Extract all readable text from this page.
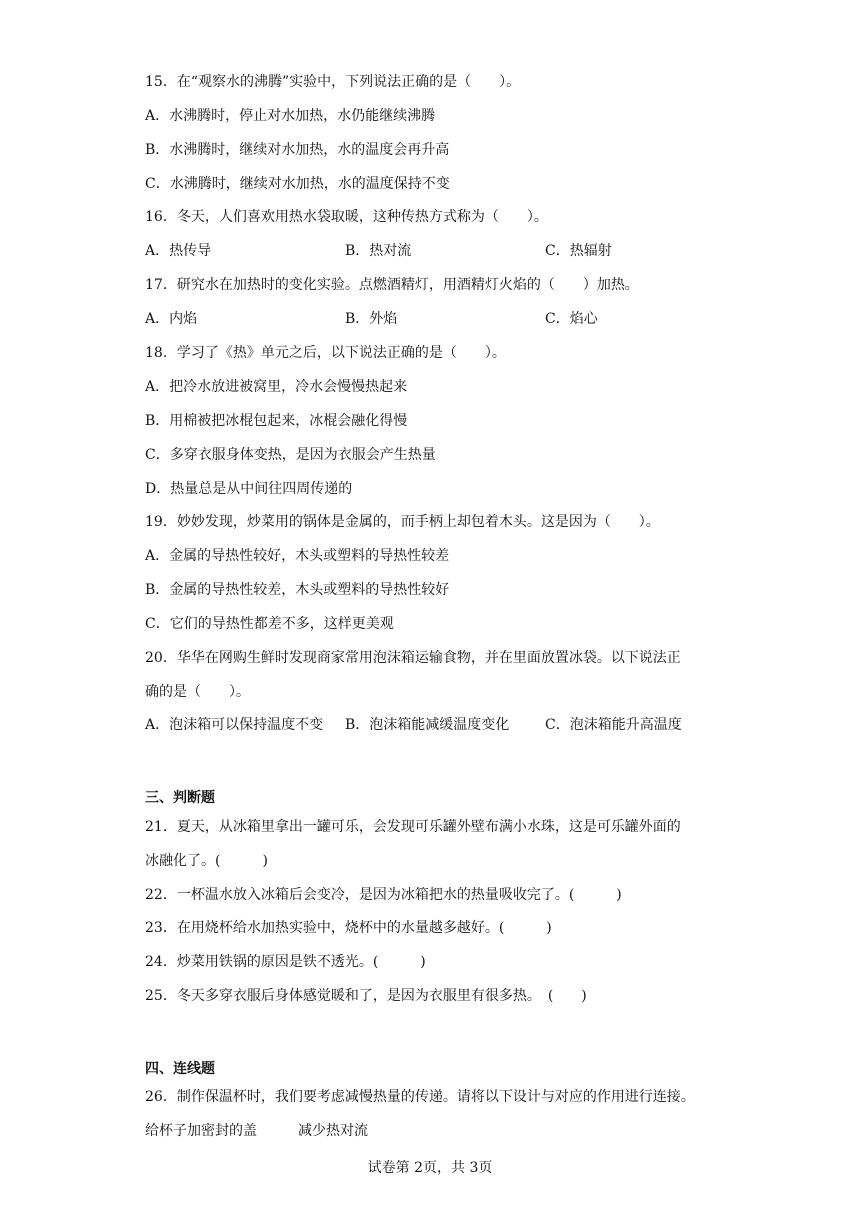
15．在“观察水的沸腾”实验中，下列说法正确的是（　　）。
A．水沸腾时，停止对水加热，水仍能继续沸腾
B．水沸腾时，继续对水加热，水的温度会再升高
C．水沸腾时，继续对水加热，水的温度保持不变
16．冬天，人们喜欢用热水袋取暖，这种传热方式称为（　　）。
A．热传导	B．热对流	C．热辐射
17．研究水在加热时的变化实验。点燃酒精灯，用酒精灯火焰的（　　）加热。
A．内焰	B．外焰	C．焰心
18．学习了《热》单元之后，以下说法正确的是（　　）。
A．把冷水放进被窝里，冷水会慢慢热起来
B．用棉被把冰棍包起来，冰棍会融化得慢
C．多穿衣服身体变热，是因为衣服会产生热量
D．热量总是从中间往四周传递的
19．妙妙发现，炒菜用的锅体是金属的，而手柄上却包着木头。这是因为（　　）。
A．金属的导热性较好，木头或塑料的导热性较差
B．金属的导热性较差，木头或塑料的导热性较好
C．它们的导热性都差不多，这样更美观
20．华华在网购生鲜时发现商家常用泡沫箱运输食物，并在里面放置冰袋。以下说法正
确的是（　　）。
A．泡沫箱可以保持温度不变 B．泡沫箱能减缓温度变化	C．泡沫箱能升高温度
三、判断题
21．夏天，从冰箱里拿出一罐可乐，会发现可乐罐外壁布满小水珠，这是可乐罐外面的
冰融化了。(　　　)
22．一杯温水放入冰箱后会变冷，是因为冰箱把水的热量吸收完了。(　　　)
23．在用烧杯给水加热实验中，烧杯中的水量越多越好。(　　　)
24．炒菜用铁锅的原因是铁不透光。(　　　)
25．冬天多穿衣服后身体感觉暖和了，是因为衣服里有很多热。　(　　)
四、连线题
26．制作保温杯时，我们要考虑减慢热量的传递。请将以下设计与对应的作用进行连接。
给杯子加密封的盖	减少热对流
试卷第 2页，共 3页
